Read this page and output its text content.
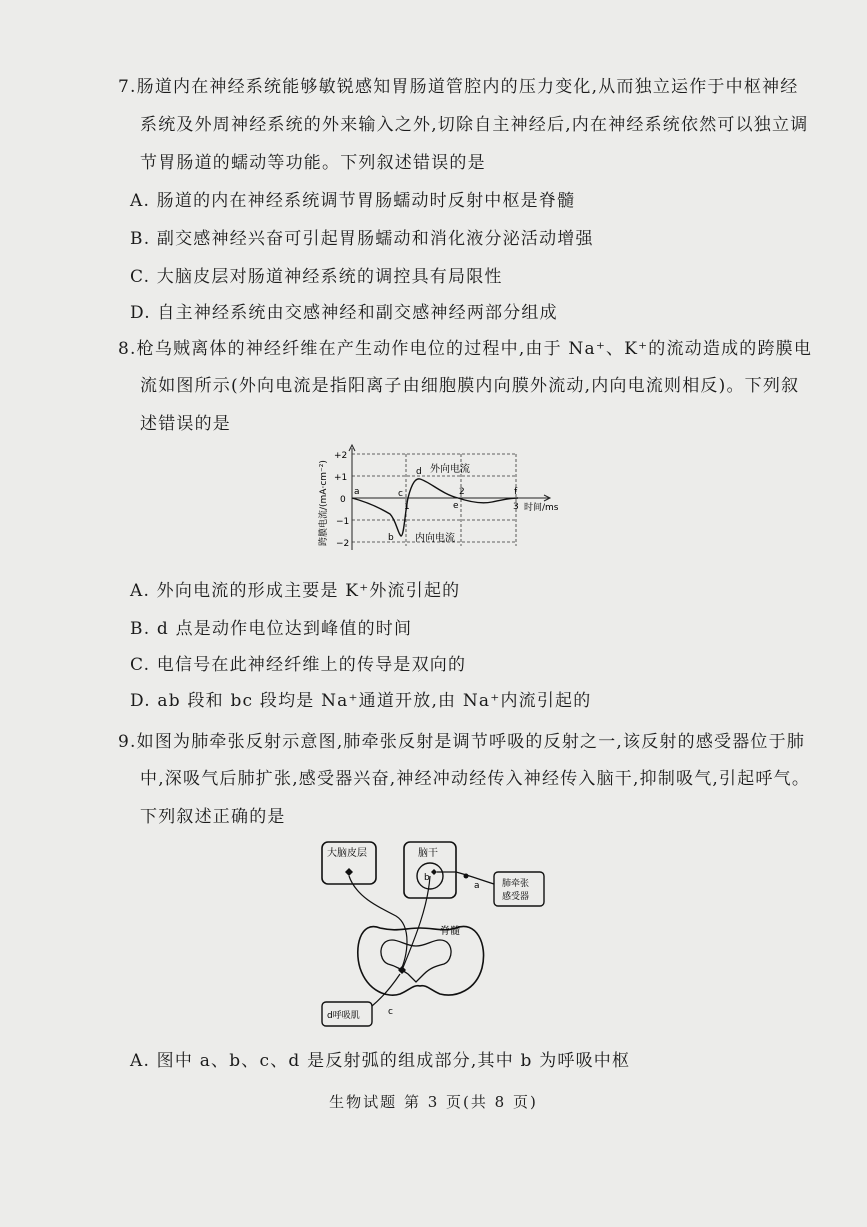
7.肠道内在神经系统能够敏锐感知胃肠道管腔内的压力变化,从而独立运作于中枢神经
系统及外周神经系统的外来输入之外,切除自主神经后,内在神经系统依然可以独立调
节胃肠道的蠕动等功能。下列叙述错误的是
A. 肠道的内在神经系统调节胃肠蠕动时反射中枢是脊髓
B. 副交感神经兴奋可引起胃肠蠕动和消化液分泌活动增强
C. 大脑皮层对肠道神经系统的调控具有局限性
D. 自主神经系统由交感神经和副交感神经两部分组成
8.枪乌贼离体的神经纤维在产生动作电位的过程中,由于 Na⁺、K⁺的流动造成的跨膜电
流如图所示(外向电流是指阳离子由细胞膜内向膜外流动,内向电流则相反)。下列叙
述错误的是
跨膜电流/(mA·cm⁻²)
+2
+1
0
−1
−2
a
b
c
d
e
f
1
2
3 时间/ms
外向电流
内向电流
A. 外向电流的形成主要是 K⁺外流引起的
B. d 点是动作电位达到峰值的时间
C. 电信号在此神经纤维上的传导是双向的
D. ab 段和 bc 段均是 Na⁺通道开放,由 Na⁺内流引起的
9.如图为肺牵张反射示意图,肺牵张反射是调节呼吸的反射之一,该反射的感受器位于肺
中,深吸气后肺扩张,感受器兴奋,神经冲动经传入神经传入脑干,抑制吸气,引起呼气。
下列叙述正确的是
大脑皮层	脑干
b
肺牵张
感受器
a
脊髓
c
d呼吸肌
A. 图中 a、b、c、d 是反射弧的组成部分,其中 b 为呼吸中枢
生物试题 第 3 页(共 8 页)
